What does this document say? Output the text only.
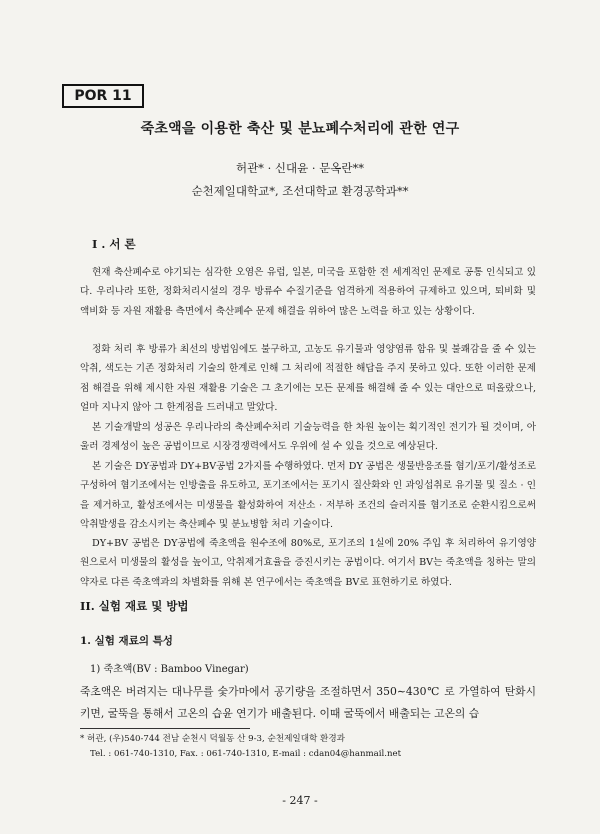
POR 11
죽초액을 이용한 축산 및 분뇨폐수처리에 관한 연구
허관* · 신대윤 · 문옥란**
순천제일대학교*, 조선대학교 환경공학과**
I . 서 론

현재 축산폐수로 야기되는 심각한 오염은 유럽, 일본, 미국을 포함한 전 세계적인 문제로 공통 인식되고 있다. 우리나라 또한, 정화처리시설의 경우 방류수 수질기준을 엄격하게 적용하여 규제하고 있으며, 퇴비화 및 액비화 등 자원 재활용 측면에서 축산폐수 문제 해결을 위하여 많은 노력을 하고 있는 상황이다.

정화 처리 후 방류가 최선의 방법임에도 불구하고, 고농도 유기물과 영양염류 함유 및 불쾌감을 줄 수 있는 악취, 색도는 기존 정화처리 기술의 한계로 인해 그 처리에 적절한 해답을 주지 못하고 있다. 또한 이러한 문제점 해결을 위해 제시한 자원 재활용 기술은 그 초기에는 모든 문제를 해결해 줄 수 있는 대안으로 떠올랐으나, 얼마 지나지 않아 그 한계점을 드러내고 말았다.

본 기술개발의 성공은 우리나라의 축산폐수처리 기술능력을 한 차원 높이는 획기적인 전기가 될 것이며, 아울러 경제성이 높은 공법이므로 시장경쟁력에서도 우위에 설 수 있을 것으로 예상된다.

본 기술은 DY공법과 DY+BV공법 2가지를 수행하였다. 먼저 DY 공법은 생물반응조를 혐기/포기/활성조로 구성하여 혐기조에서는 인방출을 유도하고, 포기조에서는 포기시 질산화와 인 과잉섭취로 유기물 및 질소 · 인을 제거하고, 활성조에서는 미생물을 활성화하여 저산소 · 저부하 조건의 슬러지를 혐기조로 순환시킴으로써 악취발생을 감소시키는 축산폐수 및 분뇨병합 처리 기술이다.

DY+BV 공법은 DY공법에 죽초액을 원수조에 80%로, 포기조의 1실에 20% 주입 후 처리하여 유기영양원으로서 미생물의 활성을 높이고, 악취제거효율을 증진시키는 공법이다. 여기서 BV는 죽초액을 칭하는 말의 약자로 다른 죽초액과의 차별화를 위해 본 연구에서는 죽초액을 BV로 표현하기로 하였다.

II. 실험 재료 및 방법
1. 실험 재료의 특성
1) 죽초액(BV : Bamboo Vinegar)

죽초액은 버려지는 대나무를 숯가마에서 공기량을 조절하면서 350∼430℃ 로 가열하여 탄화시키면, 굴뚝을 통해서 고온의 습윤 연기가 배출된다. 이때 굴뚝에서 배출되는 고온의 습

* 허관, (우)540-744 전남 순천시 덕월동 산 9-3, 순천제일대학 환경과
Tel. : 061-740-1310, Fax. : 061-740-1310, E-mail : cdan04@hanmail.net
- 247 -
